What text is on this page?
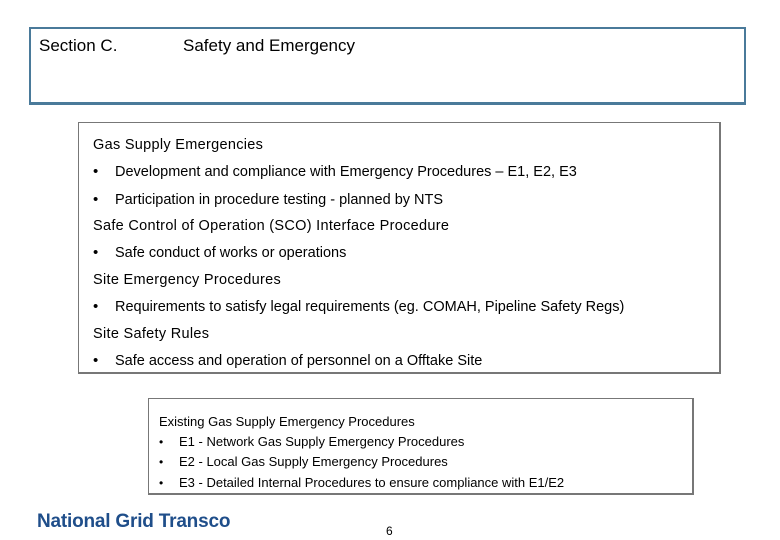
Section C.	Safety and Emergency
Gas Supply Emergencies
•	Development and compliance with Emergency Procedures – E1, E2, E3
•	Participation in procedure testing - planned by NTS
Safe Control of Operation (SCO) Interface Procedure
•	Safe conduct of works or operations
Site Emergency Procedures
•	Requirements to satisfy legal requirements (eg. COMAH, Pipeline Safety Regs)
Site Safety Rules
•	Safe access and operation of personnel on a Offtake Site
Existing Gas Supply Emergency Procedures
•	E1 - Network Gas Supply Emergency Procedures
•	E2 - Local Gas Supply Emergency Procedures
•	E3 - Detailed Internal Procedures to ensure compliance with E1/E2
National Grid Transco	6
